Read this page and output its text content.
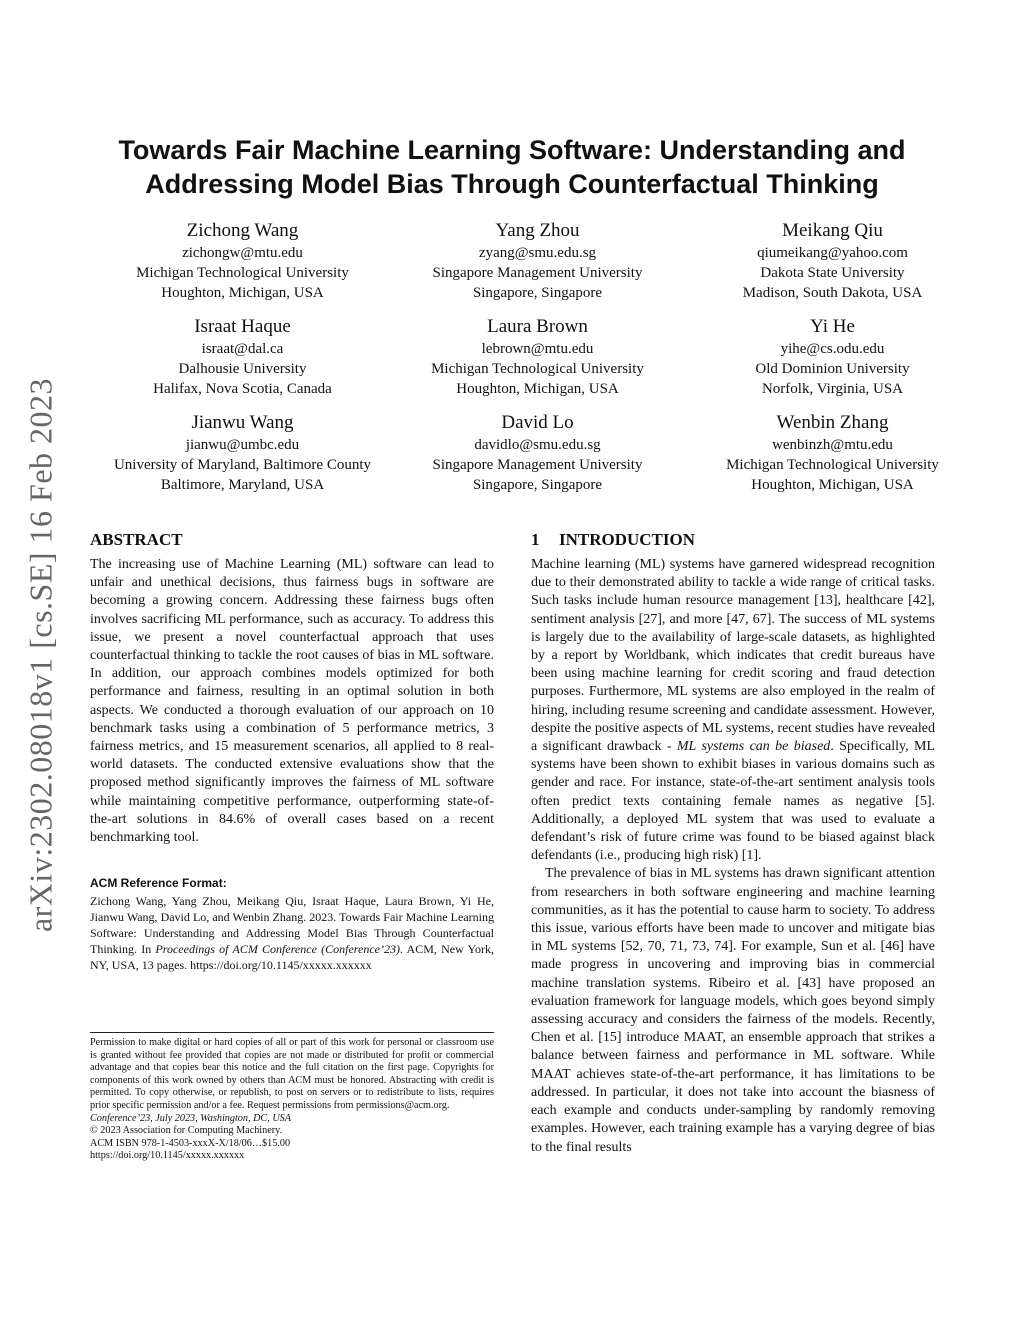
arXiv:2302.08018v1 [cs.SE] 16 Feb 2023
Towards Fair Machine Learning Software: Understanding and
Addressing Model Bias Through Counterfactual Thinking
Zichong Wang
zichongw@mtu.edu
Michigan Technological University
Houghton, Michigan, USA
Yang Zhou
zyang@smu.edu.sg
Singapore Management University
Singapore, Singapore
Meikang Qiu
qiumeikang@yahoo.com
Dakota State University
Madison, South Dakota, USA
Israat Haque
israat@dal.ca
Dalhousie University
Halifax, Nova Scotia, Canada
Laura Brown
lebrown@mtu.edu
Michigan Technological University
Houghton, Michigan, USA
Yi He
yihe@cs.odu.edu
Old Dominion University
Norfolk, Virginia, USA
Jianwu Wang
jianwu@umbc.edu
University of Maryland, Baltimore County
Baltimore, Maryland, USA
David Lo
davidlo@smu.edu.sg
Singapore Management University
Singapore, Singapore
Wenbin Zhang
wenbinzh@mtu.edu
Michigan Technological University
Houghton, Michigan, USA
ABSTRACT

The increasing use of Machine Learning (ML) software can lead to unfair and unethical decisions, thus fairness bugs in software are becoming a growing concern. Addressing these fairness bugs often involves sacrificing ML performance, such as accuracy. To address this issue, we present a novel counterfactual approach that uses counterfactual thinking to tackle the root causes of bias in ML software. In addition, our approach combines models optimized for both performance and fairness, resulting in an optimal solution in both aspects. We conducted a thorough evaluation of our approach on 10 benchmark tasks using a combination of 5 performance metrics, 3 fairness metrics, and 15 measurement scenarios, all applied to 8 real-world datasets. The conducted extensive evaluations show that the proposed method significantly improves the fairness of ML software while maintaining competitive performance, outperforming state-of-the-art solutions in 84.6% of overall cases based on a recent benchmarking tool.

ACM Reference Format:

Zichong Wang, Yang Zhou, Meikang Qiu, Israat Haque, Laura Brown, Yi He, Jianwu Wang, David Lo, and Wenbin Zhang. 2023. Towards Fair Machine Learning Software: Understanding and Addressing Model Bias Through Counterfactual Thinking. In Proceedings of ACM Conference (Conference’23). ACM, New York, NY, USA, 13 pages. https://doi.org/10.1145/xxxxx.xxxxxx

Permission to make digital or hard copies of all or part of this work for personal or classroom use is granted without fee provided that copies are not made or distributed for profit or commercial advantage and that copies bear this notice and the full citation on the first page. Copyrights for components of this work owned by others than ACM must be honored. Abstracting with credit is permitted. To copy otherwise, or republish, to post on servers or to redistribute to lists, requires prior specific permission and/or a fee. Request permissions from permissions@acm.org.

Conference’23, July 2023, Washington, DC, USA

© 2023 Association for Computing Machinery.

ACM ISBN 978-1-4503-xxxX-X/18/06…$15.00

https://doi.org/10.1145/xxxxx.xxxxxx

1 INTRODUCTION

Machine learning (ML) systems have garnered widespread recognition due to their demonstrated ability to tackle a wide range of critical tasks. Such tasks include human resource management [13], healthcare [42], sentiment analysis [27], and more [47, 67]. The success of ML systems is largely due to the availability of large-scale datasets, as highlighted by a report by Worldbank, which indicates that credit bureaus have been using machine learning for credit scoring and fraud detection purposes. Furthermore, ML systems are also employed in the realm of hiring, including resume screening and candidate assessment. However, despite the positive aspects of ML systems, recent studies have revealed a significant drawback - ML systems can be biased. Specifically, ML systems have been shown to exhibit biases in various domains such as gender and race. For instance, state-of-the-art sentiment analysis tools often predict texts containing female names as negative [5]. Additionally, a deployed ML system that was used to evaluate a defendant’s risk of future crime was found to be biased against black defendants (i.e., producing high risk) [1].

The prevalence of bias in ML systems has drawn significant attention from researchers in both software engineering and machine learning communities, as it has the potential to cause harm to society. To address this issue, various efforts have been made to uncover and mitigate bias in ML systems [52, 70, 71, 73, 74]. For example, Sun et al. [46] have made progress in uncovering and improving bias in commercial machine translation systems. Ribeiro et al. [43] have proposed an evaluation framework for language models, which goes beyond simply assessing accuracy and considers the fairness of the models. Recently, Chen et al. [15] introduce MAAT, an ensemble approach that strikes a balance between fairness and performance in ML software. While MAAT achieves state-of-the-art performance, it has limitations to be addressed. In particular, it does not take into account the biasness of each example and conducts under-sampling by randomly removing examples. However, each training example has a varying degree of bias to the final results
